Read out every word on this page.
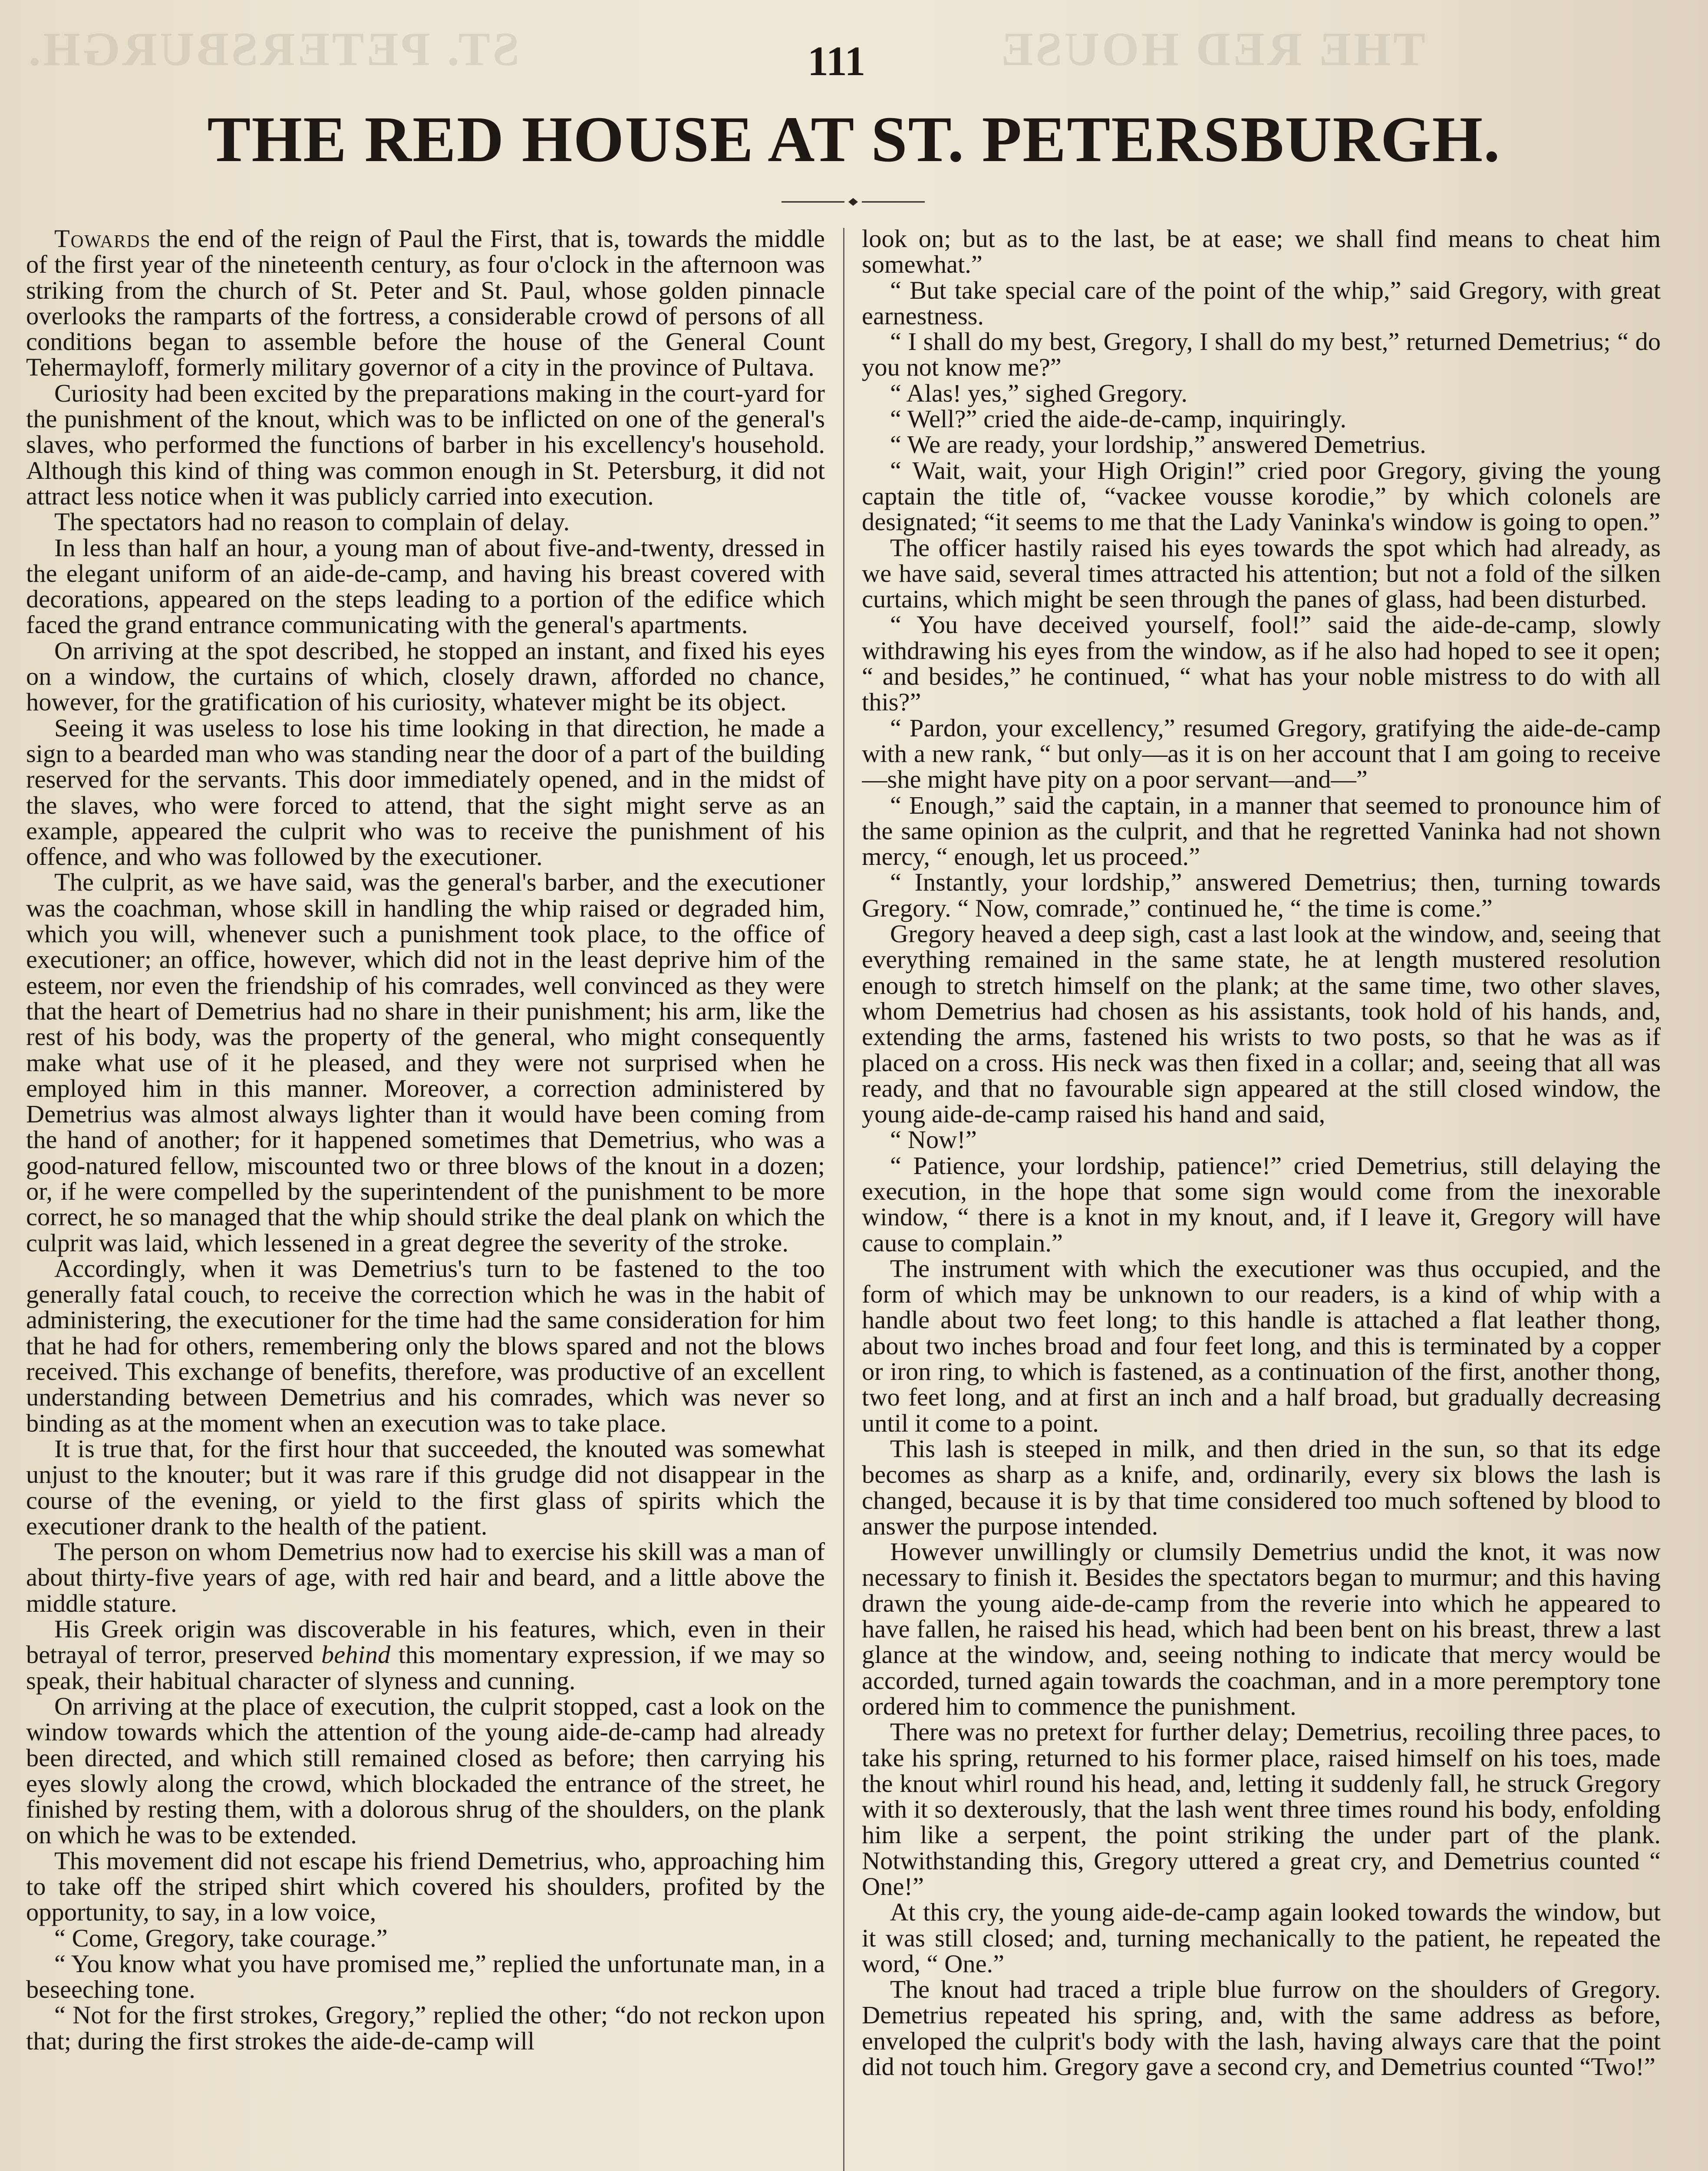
ST. PETERSBURGH.	THE RED HOUSE
111
THE RED HOUSE AT ST. PETERSBURGH.

Towards the end of the reign of Paul the First, that is, towards the middle of the first year of the nineteenth century, as four o'clock in the afternoon was striking from the church of St. Peter and St. Paul, whose golden pinnacle overlooks the ramparts of the fortress, a considerable crowd of persons of all conditions began to assemble before the house of the General Count Tehermayloff, formerly military governor of a city in the province of Pultava.

Curiosity had been excited by the preparations making in the court-yard for the punishment of the knout, which was to be inflicted on one of the general's slaves, who performed the functions of barber in his excellency's household. Although this kind of thing was common enough in St. Petersburg, it did not attract less notice when it was publicly carried into execution.

The spectators had no reason to complain of delay.

In less than half an hour, a young man of about five-and-twenty, dressed in the elegant uniform of an aide-de-camp, and having his breast covered with decorations, appeared on the steps leading to a portion of the edifice which faced the grand entrance communicating with the general's apartments.

On arriving at the spot described, he stopped an instant, and fixed his eyes on a window, the curtains of which, closely drawn, afforded no chance, however, for the gratification of his curiosity, whatever might be its object.

Seeing it was useless to lose his time looking in that direction, he made a sign to a bearded man who was standing near the door of a part of the building reserved for the servants. This door immediately opened, and in the midst of the slaves, who were forced to attend, that the sight might serve as an example, appeared the culprit who was to receive the punishment of his offence, and who was followed by the executioner.

The culprit, as we have said, was the general's barber, and the executioner was the coachman, whose skill in handling the whip raised or degraded him, which you will, whenever such a punishment took place, to the office of executioner; an office, however, which did not in the least deprive him of the esteem, nor even the friendship of his comrades, well convinced as they were that the heart of Demetrius had no share in their punishment; his arm, like the rest of his body, was the property of the general, who might consequently make what use of it he pleased, and they were not surprised when he employed him in this manner. Moreover, a correction administered by Demetrius was almost always lighter than it would have been coming from the hand of another; for it happened sometimes that Demetrius, who was a good-natured fellow, miscounted two or three blows of the knout in a dozen; or, if he were compelled by the superintendent of the punishment to be more correct, he so managed that the whip should strike the deal plank on which the culprit was laid, which lessened in a great degree the severity of the stroke.

Accordingly, when it was Demetrius's turn to be fastened to the too generally fatal couch, to receive the correction which he was in the habit of administering, the executioner for the time had the same consideration for him that he had for others, remembering only the blows spared and not the blows received. This exchange of benefits, therefore, was productive of an excellent understanding between Demetrius and his comrades, which was never so binding as at the moment when an execution was to take place.

It is true that, for the first hour that succeeded, the knouted was somewhat unjust to the knouter; but it was rare if this grudge did not disappear in the course of the evening, or yield to the first glass of spirits which the executioner drank to the health of the patient.

The person on whom Demetrius now had to exercise his skill was a man of about thirty-five years of age, with red hair and beard, and a little above the middle stature.

His Greek origin was discoverable in his features, which, even in their betrayal of terror, preserved behind this momentary expression, if we may so speak, their habitual character of slyness and cunning.

On arriving at the place of execution, the culprit stopped, cast a look on the window towards which the attention of the young aide-de-camp had already been directed, and which still remained closed as before; then carrying his eyes slowly along the crowd, which blockaded the entrance of the street, he finished by resting them, with a dolorous shrug of the shoulders, on the plank on which he was to be extended.

This movement did not escape his friend Demetrius, who, approaching him to take off the striped shirt which covered his shoulders, profited by the opportunity, to say, in a low voice,

“ Come, Gregory, take courage.”

“ You know what you have promised me,” replied the unfortunate man, in a beseeching tone.

“ Not for the first strokes, Gregory,” replied the other; “do not reckon upon that; during the first strokes the aide-de-camp will

look on; but as to the last, be at ease; we shall find means to cheat him somewhat.”

“ But take special care of the point of the whip,” said Gregory, with great earnestness.

“ I shall do my best, Gregory, I shall do my best,” returned Demetrius; “ do you not know me?”

“ Alas! yes,” sighed Gregory.

“ Well?” cried the aide-de-camp, inquiringly.

“ We are ready, your lordship,” answered Demetrius.

“ Wait, wait, your High Origin!” cried poor Gregory, giving the young captain the title of, “vackee vousse korodie,” by which colonels are designated; “it seems to me that the Lady Vaninka's window is going to open.”

The officer hastily raised his eyes towards the spot which had already, as we have said, several times attracted his attention; but not a fold of the silken curtains, which might be seen through the panes of glass, had been disturbed.

“ You have deceived yourself, fool!” said the aide-de-camp, slowly withdrawing his eyes from the window, as if he also had hoped to see it open; “ and besides,” he continued, “ what has your noble mistress to do with all this?”

“ Pardon, your excellency,” resumed Gregory, gratifying the aide-de-camp with a new rank, “ but only—as it is on her account that I am going to receive—she might have pity on a poor servant—and—”

“ Enough,” said the captain, in a manner that seemed to pronounce him of the same opinion as the culprit, and that he regretted Vaninka had not shown mercy, “ enough, let us proceed.”

“ Instantly, your lordship,” answered Demetrius; then, turning towards Gregory. “ Now, comrade,” continued he, “ the time is come.”

Gregory heaved a deep sigh, cast a last look at the window, and, seeing that everything remained in the same state, he at length mustered resolution enough to stretch himself on the plank; at the same time, two other slaves, whom Demetrius had chosen as his assistants, took hold of his hands, and, extending the arms, fastened his wrists to two posts, so that he was as if placed on a cross. His neck was then fixed in a collar; and, seeing that all was ready, and that no favourable sign appeared at the still closed window, the young aide-de-camp raised his hand and said,

“ Now!”

“ Patience, your lordship, patience!” cried Demetrius, still delaying the execution, in the hope that some sign would come from the inexorable window, “ there is a knot in my knout, and, if I leave it, Gregory will have cause to complain.”

The instrument with which the executioner was thus occupied, and the form of which may be unknown to our readers, is a kind of whip with a handle about two feet long; to this handle is attached a flat leather thong, about two inches broad and four feet long, and this is terminated by a copper or iron ring, to which is fastened, as a continuation of the first, another thong, two feet long, and at first an inch and a half broad, but gradually decreasing until it come to a point.

This lash is steeped in milk, and then dried in the sun, so that its edge becomes as sharp as a knife, and, ordinarily, every six blows the lash is changed, because it is by that time considered too much softened by blood to answer the purpose intended.

However unwillingly or clumsily Demetrius undid the knot, it was now necessary to finish it. Besides the spectators began to murmur; and this having drawn the young aide-de-camp from the reverie into which he appeared to have fallen, he raised his head, which had been bent on his breast, threw a last glance at the window, and, seeing nothing to indicate that mercy would be accorded, turned again towards the coachman, and in a more peremptory tone ordered him to commence the punishment.

There was no pretext for further delay; Demetrius, recoiling three paces, to take his spring, returned to his former place, raised himself on his toes, made the knout whirl round his head, and, letting it suddenly fall, he struck Gregory with it so dexterously, that the lash went three times round his body, enfolding him like a serpent, the point striking the under part of the plank. Notwithstanding this, Gregory uttered a great cry, and Demetrius counted “ One!”

At this cry, the young aide-de-camp again looked towards the window, but it was still closed; and, turning mechanically to the patient, he repeated the word, “ One.”

The knout had traced a triple blue furrow on the shoulders of Gregory. Demetrius repeated his spring, and, with the same address as before, enveloped the culprit's body with the lash, having always care that the point did not touch him. Gregory gave a second cry, and Demetrius counted “Two!”
